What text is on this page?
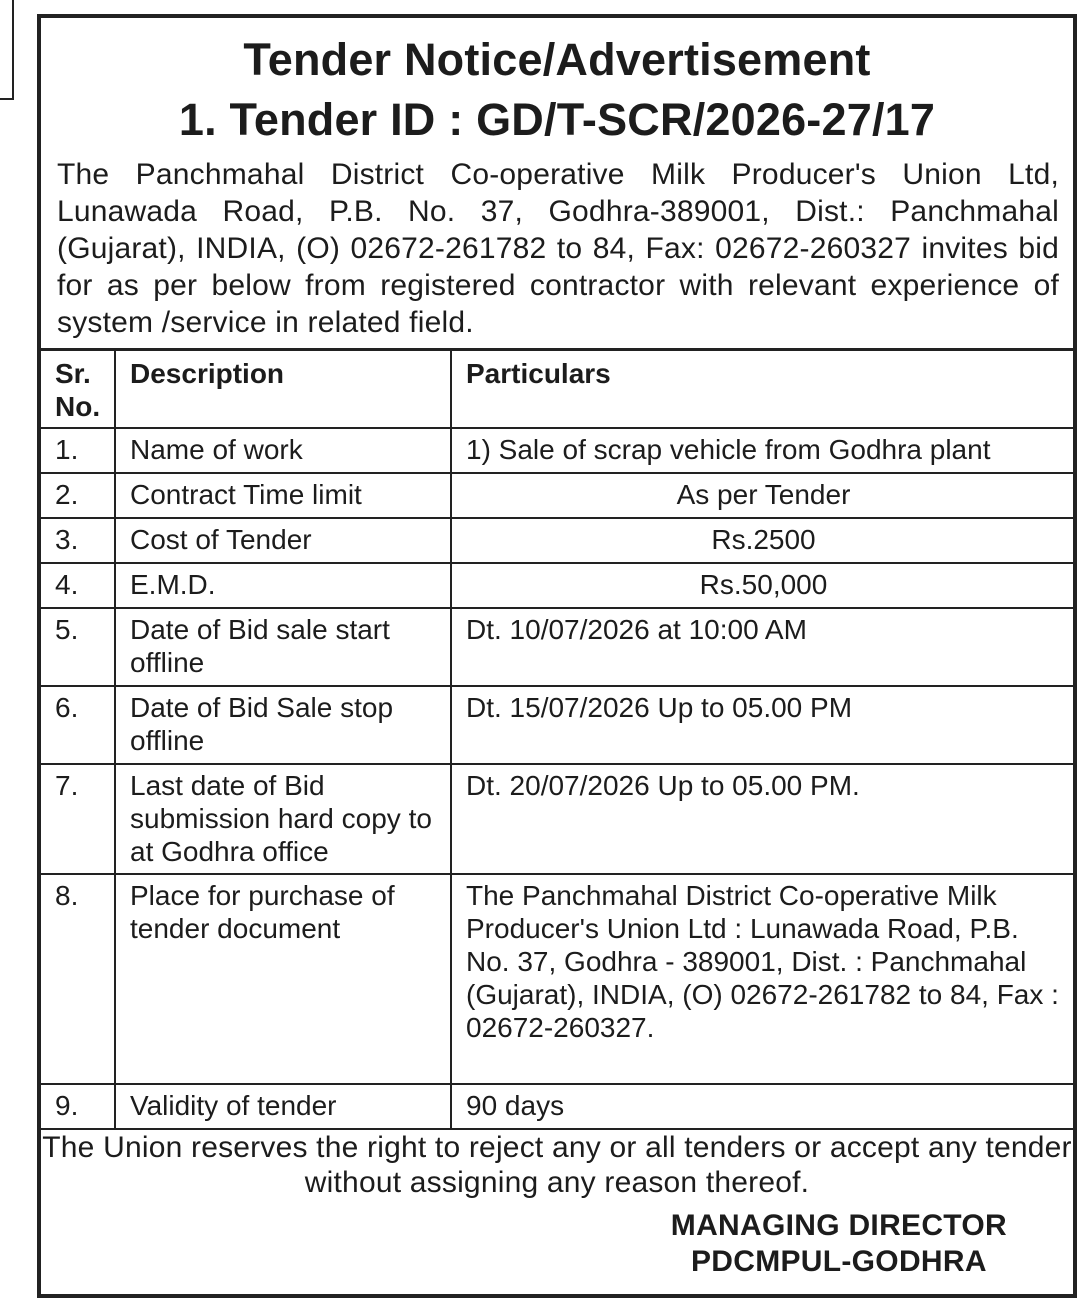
Tender Notice/Advertisement
1. Tender ID : GD/T-SCR/2026-27/17
The Panchmahal District Co-operative Milk Producer's Union Ltd, Lunawada Road, P.B. No. 37, Godhra-389001, Dist.: Panchmahal (Gujarat), INDIA, (O) 02672-261782 to 84, Fax: 02672-260327 invites bid for as per below from registered contractor with relevant experience of system /service in related field.
Sr. No.	Description	Particulars
1.	Name of work	1) Sale of scrap vehicle from Godhra plant
2.	Contract Time limit	As per Tender
3.	Cost of Tender	Rs.2500
4.	E.M.D.	Rs.50,000
5.	Date of Bid sale start offline	Dt. 10/07/2026 at 10:00 AM
6.	Date of Bid Sale stop offline	Dt. 15/07/2026 Up to 05.00 PM
7.	Last date of Bid submission hard copy to at Godhra office	Dt. 20/07/2026 Up to 05.00 PM.
8.	Place for purchase of tender document	The Panchmahal District Co-operative Milk Producer's Union Ltd : Lunawada Road, P.B. No. 37, Godhra - 389001, Dist. : Panchmahal (Gujarat), INDIA, (O) 02672-261782 to 84, Fax : 02672-260327.
9.	Validity of tender	90 days
The Union reserves the right to reject any or all tenders or accept any tender without assigning any reason thereof.
MANAGING DIRECTOR
PDCMPUL-GODHRA
